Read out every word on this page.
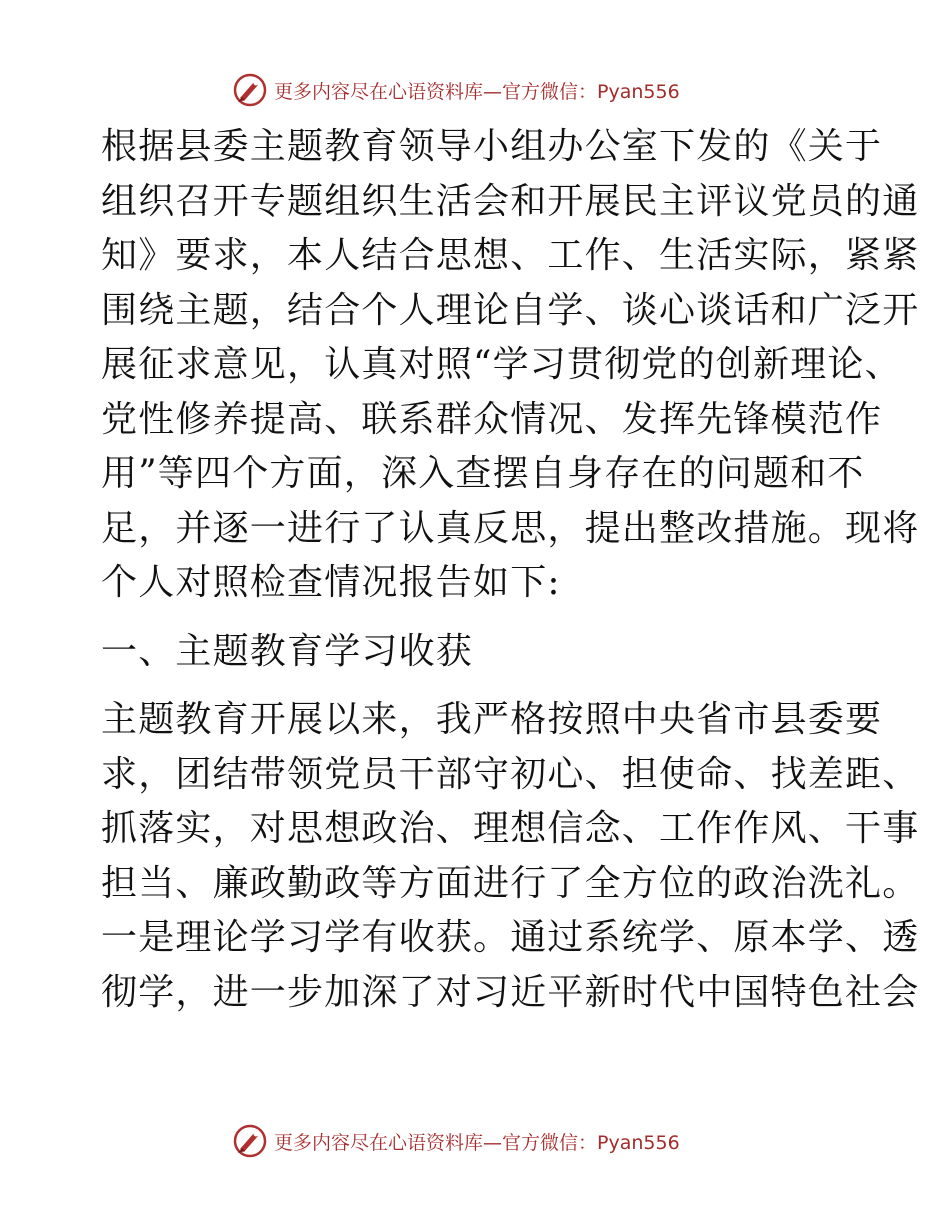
更多内容尽在心语资料库—官方微信：Pyan556
根据县委主题教育领导小组办公室下发的《关于
组织召开专题组织生活会和开展民主评议党员的通
知》要求，本人结合思想、工作、生活实际，紧紧
围绕主题，结合个人理论自学、谈心谈话和广泛开
展征求意见，认真对照“学习贯彻党的创新理论、
党性修养提高、联系群众情况、发挥先锋模范作
用”等四个方面，深入查摆自身存在的问题和不
足，并逐一进行了认真反思，提出整改措施。现将
个人对照检查情况报告如下:
一、主题教育学习收获
主题教育开展以来，我严格按照中央省市县委要
求，团结带领党员干部守初心、担使命、找差距、
抓落实，对思想政治、理想信念、工作作风、干事
担当、廉政勤政等方面进行了全方位的政治洗礼。
一是理论学习学有收获。通过系统学、原本学、透
彻学，进一步加深了对习近平新时代中国特色社会
更多内容尽在心语资料库—官方微信：Pyan556
